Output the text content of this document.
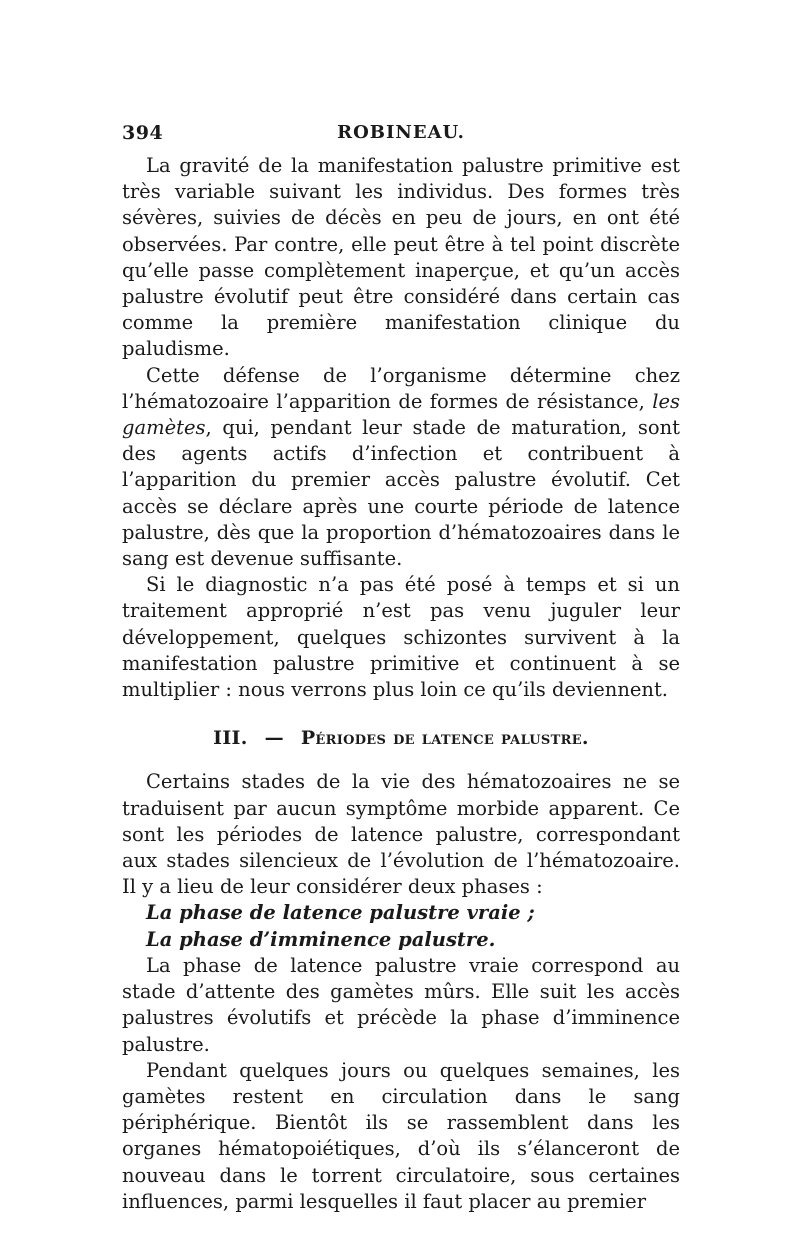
394	ROBINEAU.

La gravité de la manifestation palustre primitive est très variable suivant les individus. Des formes très sévères, suivies de décès en peu de jours, en ont été observées. Par contre, elle peut être à tel point discrète qu’elle passe complètement inaperçue, et qu’un accès palustre évolutif peut être considéré dans certain cas comme la première manifestation clinique du paludisme.

Cette défense de l’organisme détermine chez l’hématozoaire l’apparition de formes de résistance, les gamètes, qui, pendant leur stade de maturation, sont des agents actifs d’infection et contribuent à l’apparition du premier accès palustre évolutif. Cet accès se déclare après une courte période de latence palustre, dès que la proportion d’hématozoaires dans le sang est devenue suffisante.

Si le diagnostic n’a pas été posé à temps et si un traitement approprié n’est pas venu juguler leur développement, quelques schizontes survivent à la manifestation palustre primitive et continuent à se multiplier : nous verrons plus loin ce qu’ils deviennent.

III. — Périodes de latence palustre.

Certains stades de la vie des hématozoaires ne se traduisent par aucun symptôme morbide apparent. Ce sont les périodes de latence palustre, correspondant aux stades silencieux de l’évolution de l’hématozoaire. Il y a lieu de leur considérer deux phases :

La phase de latence palustre vraie ;

La phase d’imminence palustre.

La phase de latence palustre vraie correspond au stade d’attente des gamètes mûrs. Elle suit les accès palustres évolutifs et précède la phase d’imminence palustre.

Pendant quelques jours ou quelques semaines, les gamètes restent en circulation dans le sang périphérique. Bientôt ils se rassemblent dans les organes hématopoiétiques, d’où ils s’élanceront de nouveau dans le torrent circulatoire, sous certaines influences, parmi lesquelles il faut placer au premier
